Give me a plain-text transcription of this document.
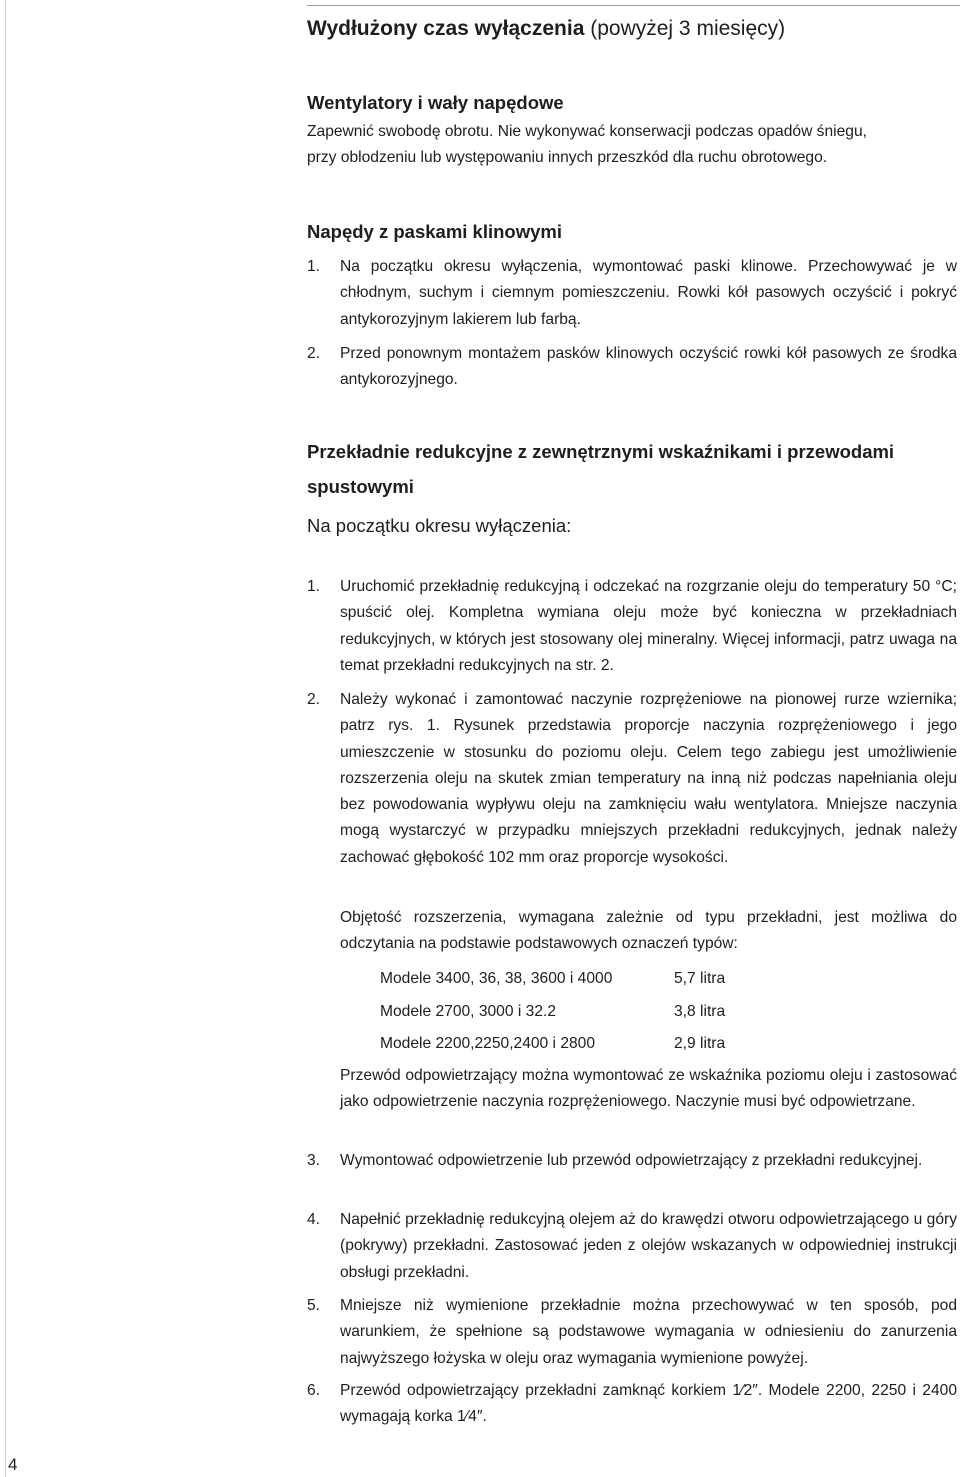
Wydłużony czas wyłączenia (powyżej 3 miesięcy)
Wentylatory i wały napędowe
Zapewnić swobodę obrotu. Nie wykonywać konserwacji podczas opadów śniegu,
przy oblodzeniu lub występowaniu innych przeszkód dla ruchu obrotowego.
Napędy z paskami klinowymi
1. Na początku okresu wyłączenia, wymontować paski klinowe. Przechowywać je w chłodnym, suchym i ciemnym pomieszczeniu. Rowki kół pasowych oczyścić i pokryć antykorozyjnym lakierem lub farbą.
2. Przed ponownym montażem pasków klinowych oczyścić rowki kół pasowych ze środka antykorozyjnego.
Przekładnie redukcyjne z zewnętrznymi wskaźnikami i przewodami
spustowymi
Na początku okresu wyłączenia:
1. Uruchomić przekładnię redukcyjną i odczekać na rozgrzanie oleju do temperatury 50 °C; spuścić olej. Kompletna wymiana oleju może być konieczna w przekładniach redukcyjnych, w których jest stosowany olej mineralny. Więcej informacji, patrz uwaga na temat przekładni redukcyjnych na str. 2.
2. Należy wykonać i zamontować naczynie rozprężeniowe na pionowej rurze wziernika; patrz rys. 1. Rysunek przedstawia proporcje naczynia rozprężeniowego i jego umieszczenie w stosunku do poziomu oleju. Celem tego zabiegu jest umożliwienie rozszerzenia oleju na skutek zmian temperatury na inną niż podczas napełniania oleju bez powodowania wypływu oleju na zamknięciu wału wentylatora. Mniejsze naczynia mogą wystarczyć w przypadku mniejszych przekładni redukcyjnych, jednak należy zachować głębokość 102 mm oraz proporcje wysokości.
Objętość rozszerzenia, wymagana zależnie od typu przekładni, jest możliwa do odczytania na podstawie podstawowych oznaczeń typów:
Modele 3400, 36, 38, 3600 i 4000	5,7 litra
Modele 2700, 3000 i 32.2	3,8 litra
Modele 2200,2250,2400 i 2800	2,9 litra
Przewód odpowietrzający można wymontować ze wskaźnika poziomu oleju i zastosować jako odpowietrzenie naczynia rozprężeniowego. Naczynie musi być odpowietrzane.
3. Wymontować odpowietrzenie lub przewód odpowietrzający z przekładni redukcyjnej.
4. Napełnić przekładnię redukcyjną olejem aż do krawędzi otworu odpowietrzającego u góry (pokrywy) przekładni. Zastosować jeden z olejów wskazanych w odpowiedniej instrukcji obsługi przekładni.
5. Mniejsze niż wymienione przekładnie można przechowywać w ten sposób, pod warunkiem, że spełnione są podstawowe wymagania w odniesieniu do zanurzenia najwyższego łożyska w oleju oraz wymagania wymienione powyżej.
6. Przewód odpowietrzający przekładni zamknąć korkiem 1⁄2″. Modele 2200, 2250 i 2400 wymagają korka 1⁄4″.
4
